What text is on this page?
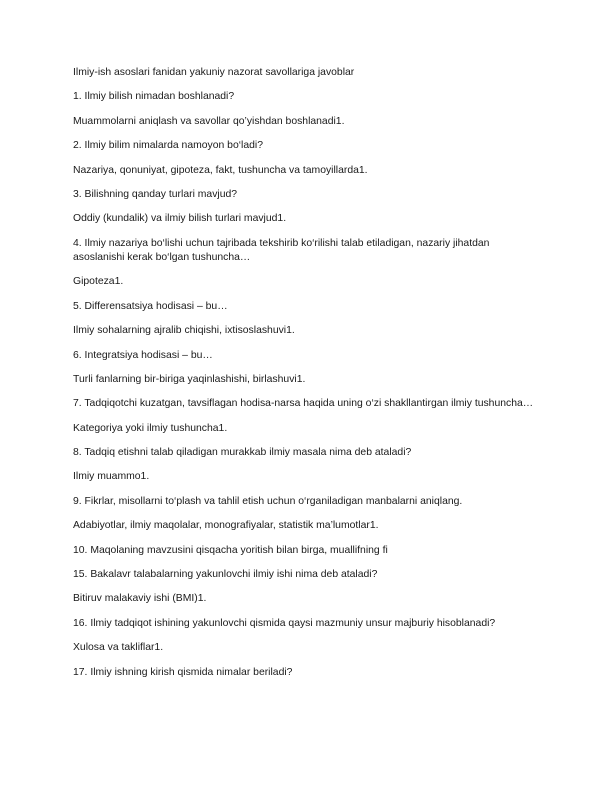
Ilmiy-ish asoslari fanidan yakuniy nazorat savollariga javoblar

1. Ilmiy bilish nimadan boshlanadi?

Muammolarni aniqlash va savollar qo’yishdan boshlanadi1.

2. Ilmiy bilim nimalarda namoyon bo‘ladi?

Nazariya, qonuniyat, gipoteza, fakt, tushuncha va tamoyillarda1.

3. Bilishning qanday turlari mavjud?

Oddiy (kundalik) va ilmiy bilish turlari mavjud1.

4. Ilmiy nazariya bo‘lishi uchun tajribada tekshirib ko‘rilishi talab etiladigan, nazariy jihatdan asoslanishi kerak bo‘lgan tushuncha…

Gipoteza1.

5. Differensatsiya hodisasi – bu…

Ilmiy sohalarning ajralib chiqishi, ixtisoslashuvi1.

6. Integratsiya hodisasi – bu…

Turli fanlarning bir-biriga yaqinlashishi, birlashuvi1.

7. Tadqiqotchi kuzatgan, tavsiflagan hodisa-narsa haqida uning o‘zi shakllantirgan ilmiy tushuncha…

Kategoriya yoki ilmiy tushuncha1.

8. Tadqiq etishni talab qiladigan murakkab ilmiy masala nima deb ataladi?

Ilmiy muammo1.

9. Fikrlar, misollarni to‘plash va tahlil etish uchun o‘rganiladigan manbalarni aniqlang.

Adabiyotlar, ilmiy maqolalar, monografiyalar, statistik ma’lumotlar1.

10. Maqolaning mavzusini qisqacha yoritish bilan birga, muallifning fi

15. Bakalavr talabalarning yakunlovchi ilmiy ishi nima deb ataladi?

Bitiruv malakaviy ishi (BMI)1.

16. Ilmiy tadqiqot ishining yakunlovchi qismida qaysi mazmuniy unsur majburiy hisoblanadi?

Xulosa va takliflar1.

17. Ilmiy ishning kirish qismida nimalar beriladi?
